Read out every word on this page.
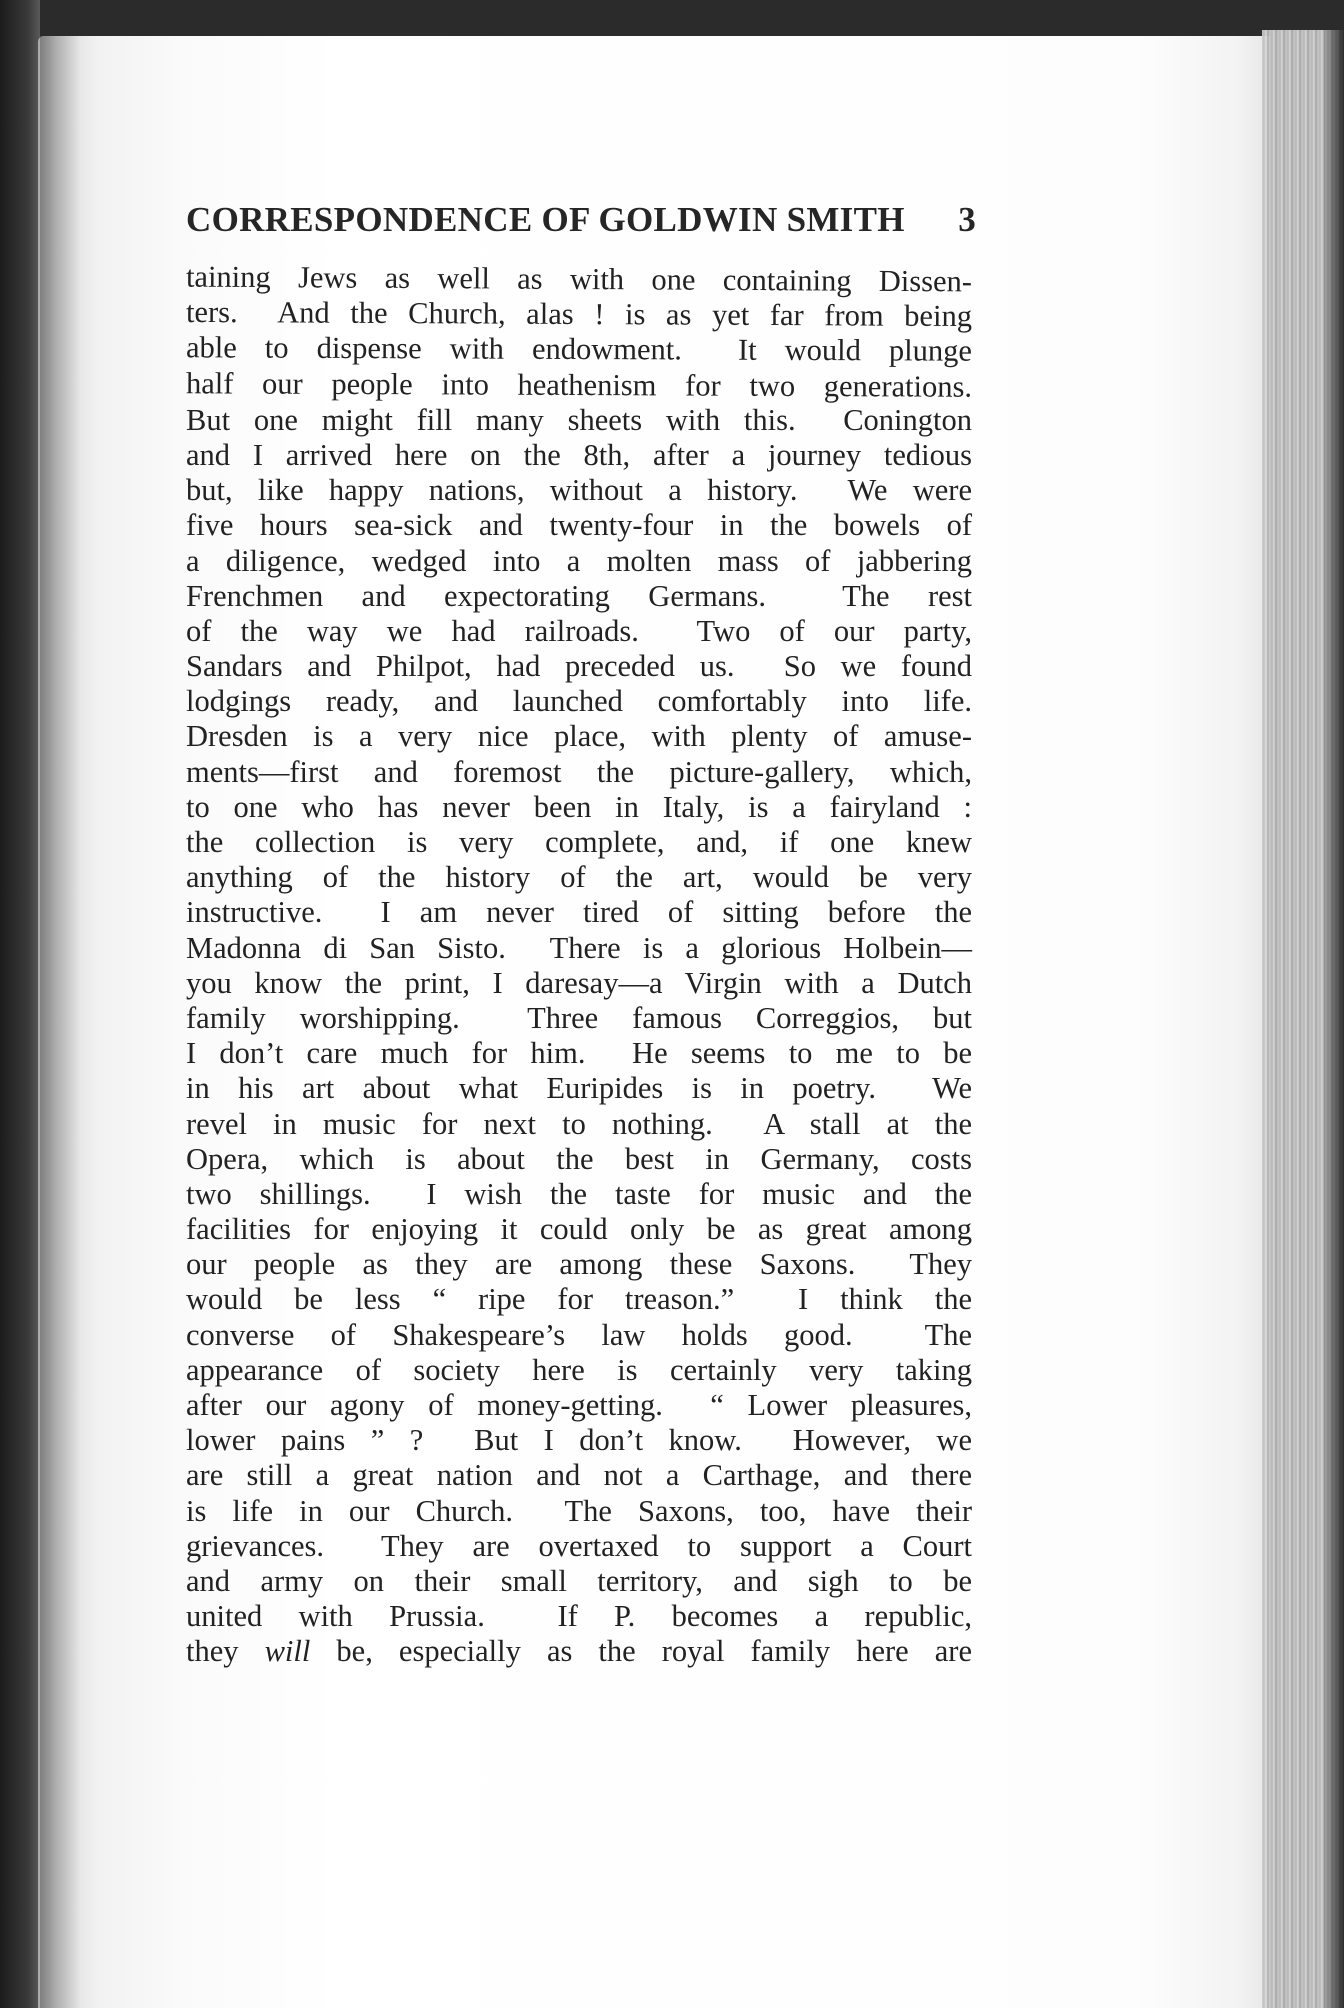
CORRESPONDENCE OF GOLDWIN SMITH 3
taining Jews as well as with one containing Dissen-
ters.  And the Church, alas ! is as yet far from being
able to dispense with endowment.  It would plunge
half our people into heathenism for two generations.
But one might fill many sheets with this.  Conington
and I arrived here on the 8th, after a journey tedious
but, like happy nations, without a history.  We were
five hours sea-sick and twenty-four in the bowels of
a diligence, wedged into a molten mass of jabbering
Frenchmen and expectorating Germans.  The rest
of the way we had railroads.  Two of our party,
Sandars and Philpot, had preceded us.  So we found
lodgings ready, and launched comfortably into life.
Dresden is a very nice place, with plenty of amuse-
ments—first and foremost the picture-gallery, which,
to one who has never been in Italy, is a fairyland :
the collection is very complete, and, if one knew
anything of the history of the art, would be very
instructive.  I am never tired of sitting before the
Madonna di San Sisto.  There is a glorious Holbein—
you know the print, I daresay—a Virgin with a Dutch
family worshipping.  Three famous Correggios, but
I don’t care much for him.  He seems to me to be
in his art about what Euripides is in poetry.  We
revel in music for next to nothing.  A stall at the
Opera, which is about the best in Germany, costs
two shillings.  I wish the taste for music and the
facilities for enjoying it could only be as great among
our people as they are among these Saxons.  They
would be less “ ripe for treason.”  I think the
converse of Shakespeare’s law holds good.  The
appearance of society here is certainly very taking
after our agony of money-getting.  “ Lower pleasures,
lower pains ” ?  But I don’t know.  However, we
are still a great nation and not a Carthage, and there
is life in our Church.  The Saxons, too, have their
grievances.  They are overtaxed to support a Court
and army on their small territory, and sigh to be
united with Prussia.  If P. becomes a republic,
they will be, especially as the royal family here are
